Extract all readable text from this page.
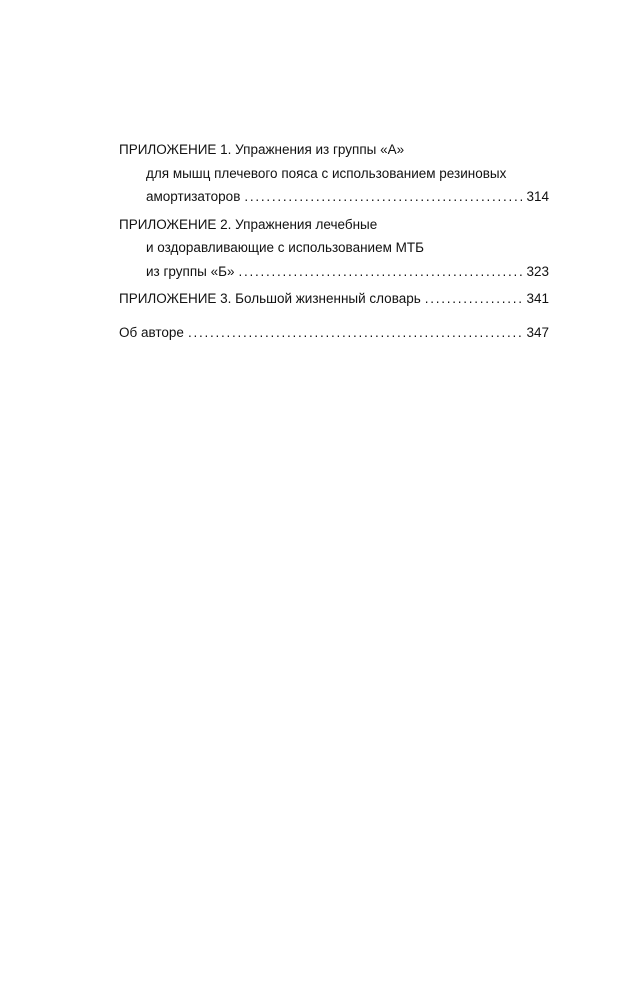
ПРИЛОЖЕНИЕ 1. Упражнения из группы «А»
для мышц плечевого пояса с использованием резиновых
амортизаторов . . .	314
ПРИЛОЖЕНИЕ 2. Упражнения лечебные
и оздоравливающие с использованием МТБ
из группы «Б» . . .	323
ПРИЛОЖЕНИЕ 3. Большой жизненный словарь . . .	341
Об авторе . . .	347
